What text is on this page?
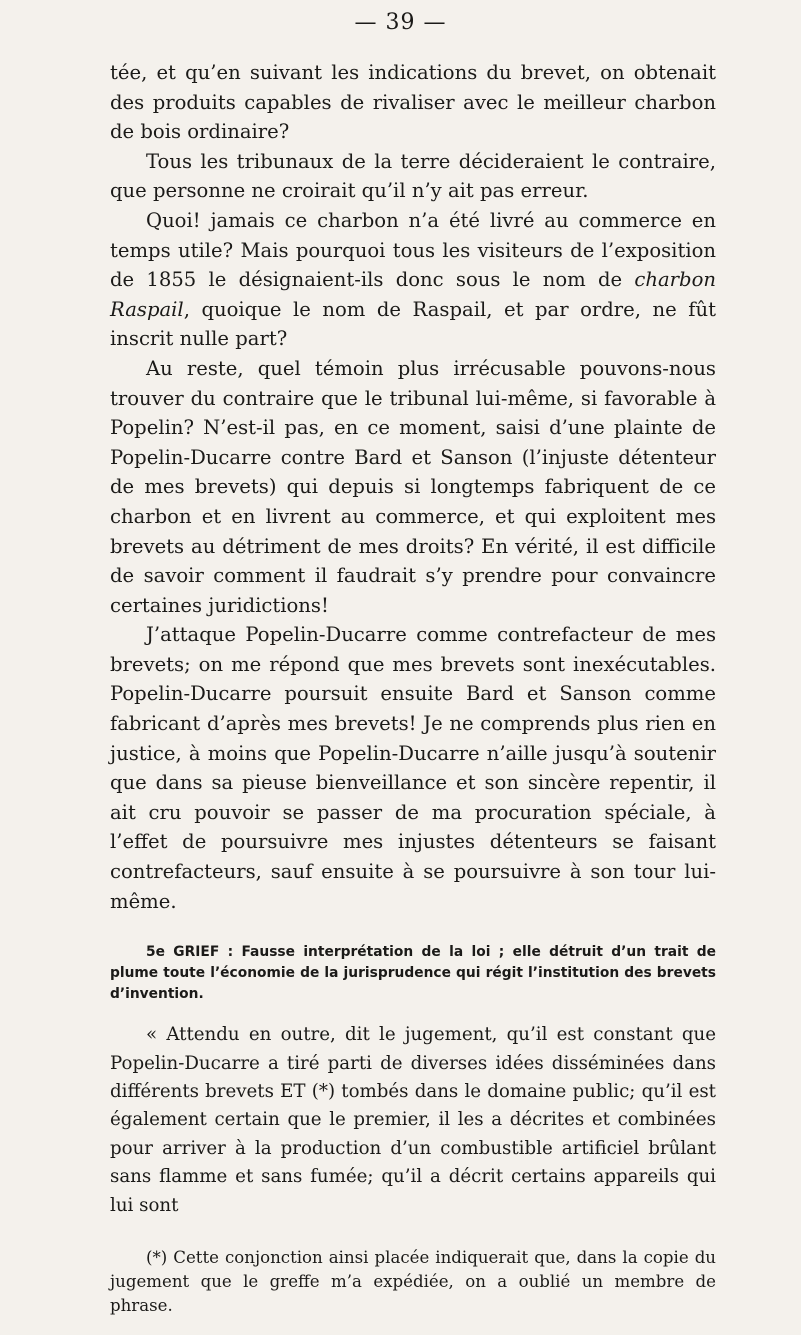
— 39 —

tée, et qu’en suivant les indications du brevet, on obtenait des produits capables de rivaliser avec le meilleur charbon de bois ordinaire?

Tous les tribunaux de la terre décideraient le contraire, que personne ne croirait qu’il n’y ait pas erreur.

Quoi! jamais ce charbon n’a été livré au commerce en temps utile? Mais pourquoi tous les visiteurs de l’exposition de 1855 le désignaient-ils donc sous le nom de charbon Raspail, quoique le nom de Raspail, et par ordre, ne fût inscrit nulle part?

Au reste, quel témoin plus irrécusable pouvons-nous trouver du contraire que le tribunal lui-même, si favorable à Popelin? N’est-il pas, en ce moment, saisi d’une plainte de Popelin-Ducarre contre Bard et Sanson (l’injuste détenteur de mes brevets) qui depuis si longtemps fabriquent de ce charbon et en livrent au commerce, et qui exploitent mes brevets au détriment de mes droits? En vérité, il est difficile de savoir comment il faudrait s’y prendre pour convaincre certaines juridictions!

J’attaque Popelin-Ducarre comme contrefacteur de mes brevets; on me répond que mes brevets sont inexécutables. Popelin-Ducarre poursuit ensuite Bard et Sanson comme fabricant d’après mes brevets! Je ne comprends plus rien en justice, à moins que Popelin-Ducarre n’aille jusqu’à soutenir que dans sa pieuse bienveillance et son sincère repentir, il ait cru pouvoir se passer de ma procuration spéciale, à l’effet de poursuivre mes injustes détenteurs se faisant contrefacteurs, sauf ensuite à se poursuivre à son tour lui-même.

5e GRIEF : Fausse interprétation de la loi ; elle détruit d’un trait de plume toute l’économie de la jurisprudence qui régit l’institution des brevets d’invention.

« Attendu en outre, dit le jugement, qu’il est constant que Popelin-Ducarre a tiré parti de diverses idées disséminées dans différents brevets ET (*) tombés dans le domaine public; qu’il est également certain que le premier, il les a décrites et combinées pour arriver à la production d’un combustible artificiel brûlant sans flamme et sans fumée; qu’il a décrit certains appareils qui lui sont

(*) Cette conjonction ainsi placée indiquerait que, dans la copie du jugement que le greffe m’a expédiée, on a oublié un membre de phrase.
